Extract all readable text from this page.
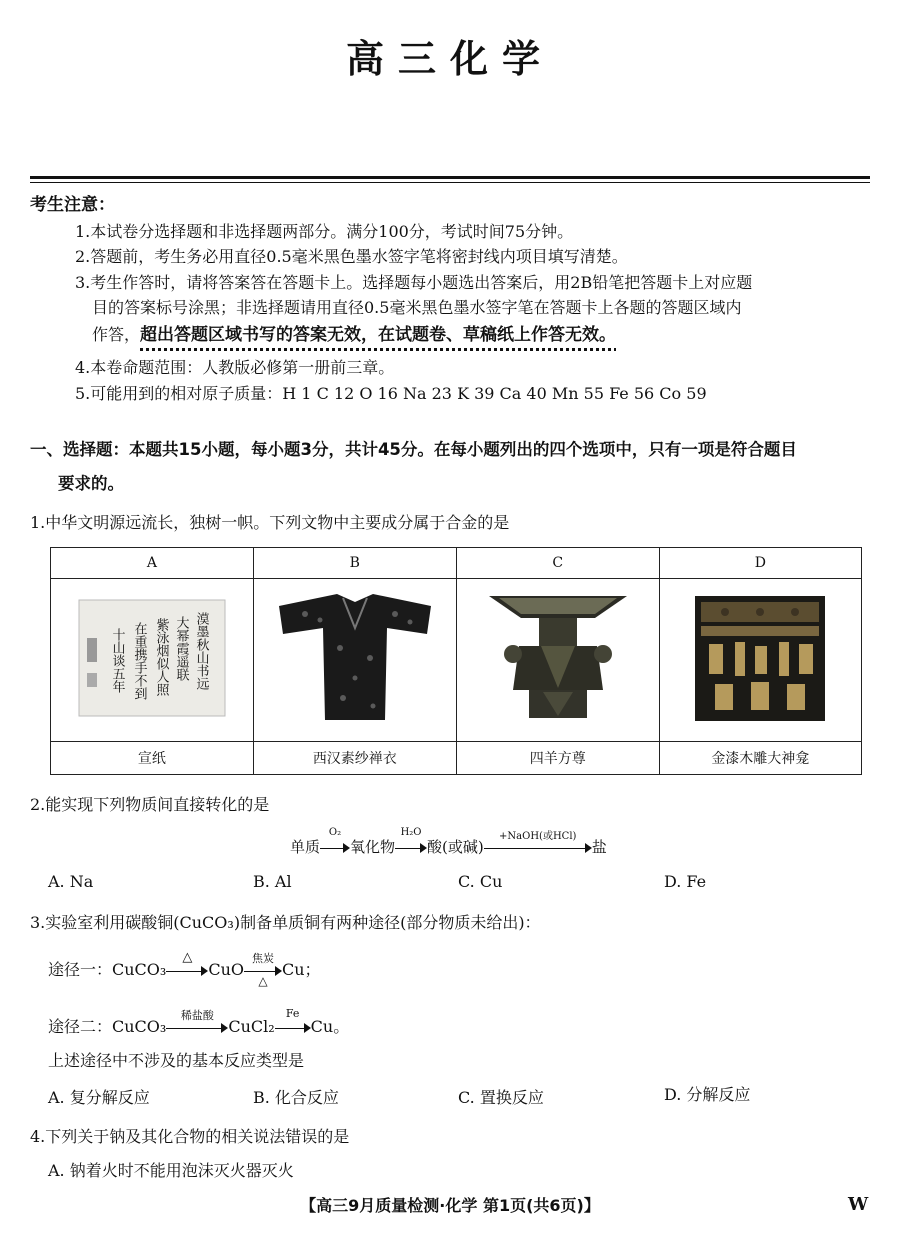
高三化学
考生注意：
1.本试卷分选择题和非选择题两部分。满分100分，考试时间75分钟。
2.答题前，考生务必用直径0.5毫米黑色墨水签字笔将密封线内项目填写清楚。
3.考生作答时，请将答案答在答题卡上。选择题每小题选出答案后，用2B铅笔把答题卡上对应题
目的答案标号涂黑；非选择题请用直径0.5毫米黑色墨水签字笔在答题卡上各题的答题区域内
作答，超出答题区域书写的答案无效，在试题卷、草稿纸上作答无效。
4.本卷命题范围：人教版必修第一册前三章。
5.可能用到的相对原子质量：H 1 C 12 O 16 Na 23 K 39 Ca 40 Mn 55 Fe 56 Co 59
一、选择题：本题共15小题，每小题3分，共计45分。在每小题列出的四个选项中，只有一项是符合题目
要求的。
1.中华文明源远流长，独树一帜。下列文物中主要成分属于合金的是
A	B	C	D

漠墨秋山书远
大幂霞遥联
紫泳烟似人照
在重携手不到
十山谈五年

宣纸	西汉素纱禅衣	四羊方尊	金漆木雕大神龛
2.能实现下列物质间直接转化的是
单质
O₂
氧化物
H₂O
酸(或碱)
+NaOH(或HCl)
盐
A. Na	B. Al	C. Cu	D. Fe
3.实验室利用碳酸铜(CuCO₃)制备单质铜有两种途径(部分物质未给出)：
途径一：CuCO₃
△
CuO
焦炭
△
Cu；
途径二：CuCO₃
稀盐酸
CuCl₂
Fe
Cu。
上述途径中不涉及的基本反应类型是
A. 复分解反应	B. 化合反应	C. 置换反应	D. 分解反应
4.下列关于钠及其化合物的相关说法错误的是
A. 钠着火时不能用泡沫灭火器灭火
【高三9月质量检测·化学 第1页(共6页)】	W
